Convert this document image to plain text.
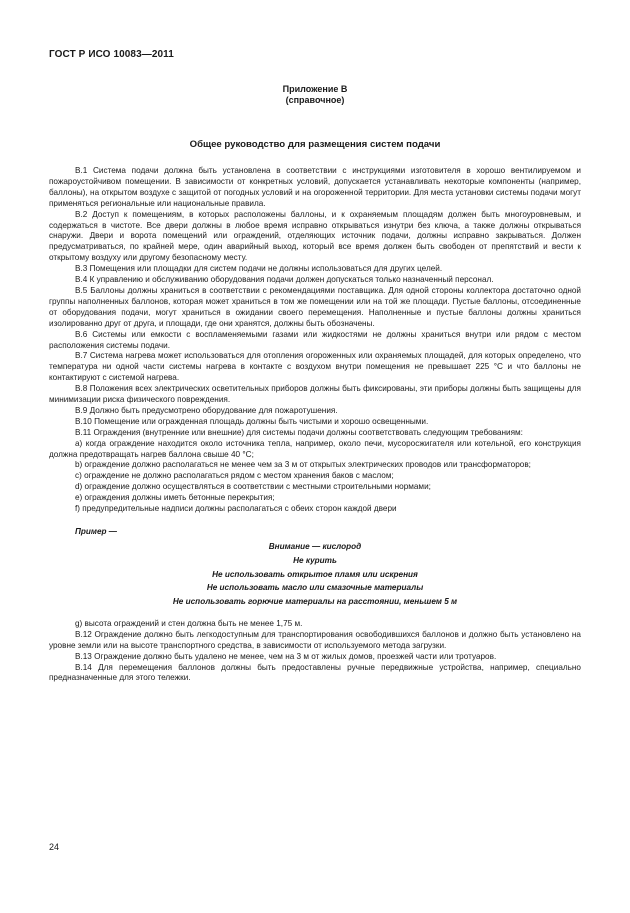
ГОСТ Р ИСО 10083—2011
Приложение В
(справочное)
Общее руководство для размещения систем подачи

В.1 Система подачи должна быть установлена в соответствии с инструкциями изготовителя в хорошо вентилируемом и пожароустойчивом помещении. В зависимости от конкретных условий, допускается устанавливать некоторые компоненты (например, баллоны), на открытом воздухе с защитой от погодных условий и на огороженной территории. Для места установки системы подачи могут применяться региональные или национальные правила.

В.2 Доступ к помещениям, в которых расположены баллоны, и к охраняемым площадям должен быть многоуровневым, и содержаться в чистоте. Все двери должны в любое время исправно открываться изнутри без ключа, а также должны открываться снаружи. Двери и ворота помещений или ограждений, отделяющих источник подачи, должны исправно закрываться. Должен предусматриваться, по крайней мере, один аварийный выход, который все время должен быть свободен от препятствий и вести к открытому воздуху или другому безопасному месту.

В.3 Помещения или площадки для систем подачи не должны использоваться для других целей.

В.4 К управлению и обслуживанию оборудования подачи должен допускаться только назначенный персонал.

В.5 Баллоны должны храниться в соответствии с рекомендациями поставщика. Для одной стороны коллектора достаточно одной группы наполненных баллонов, которая может храниться в том же помещении или на той же площади. Пустые баллоны, отсоединенные от оборудования подачи, могут храниться в ожидании своего перемещения. Наполненные и пустые баллоны должны храниться изолированно друг от друга, и площади, где они хранятся, должны быть обозначены.

В.6 Системы или емкости с воспламеняемыми газами или жидкостями не должны храниться внутри или рядом с местом расположения системы подачи.

В.7 Система нагрева может использоваться для отопления огороженных или охраняемых площадей, для которых определено, что температура ни одной части системы нагрева в контакте с воздухом внутри помещения не превышает 225 °С и что баллоны не контактируют с системой нагрева.

В.8 Положения всех электрических осветительных приборов должны быть фиксированы, эти приборы должны быть защищены для минимизации риска физического повреждения.

В.9 Должно быть предусмотрено оборудование для пожаротушения.

В.10 Помещение или огражденная площадь должны быть чистыми и хорошо освещенными.

В.11 Ограждения (внутренние или внешние) для системы подачи должны соответствовать следующим требованиям:

а) когда ограждение находится около источника тепла, например, около печи, мусоросжигателя или котельной, его конструкция должна предотвращать нагрев баллона свыше 40 °С;

b) ограждение должно располагаться не менее чем за 3 м от открытых электрических проводов или трансформаторов;

c) ограждение не должно располагаться рядом с местом хранения баков с маслом;

d) ограждение должно осуществляться в соответствии с местными строительными нормами;

e) ограждения должны иметь бетонные перекрытия;

f) предупредительные надписи должны располагаться с обеих сторон каждой двери

Пример —
Внимание — кислород
Не курить
Не использовать открытое пламя или искрения
Не использовать масло или смазочные материалы
Не использовать горючие материалы на расстоянии, меньшем 5 м

g) высота ограждений и стен должна быть не менее 1,75 м.

В.12 Ограждение должно быть легкодоступным для транспортирования освободившихся баллонов и должно быть установлено на уровне земли или на высоте транспортного средства, в зависимости от используемого метода загрузки.

В.13 Ограждение должно быть удалено не менее, чем на 3 м от жилых домов, проезжей части или тротуаров.

В.14 Для перемещения баллонов должны быть предоставлены ручные передвижные устройства, например, специально предназначенные для этого тележки.

24
